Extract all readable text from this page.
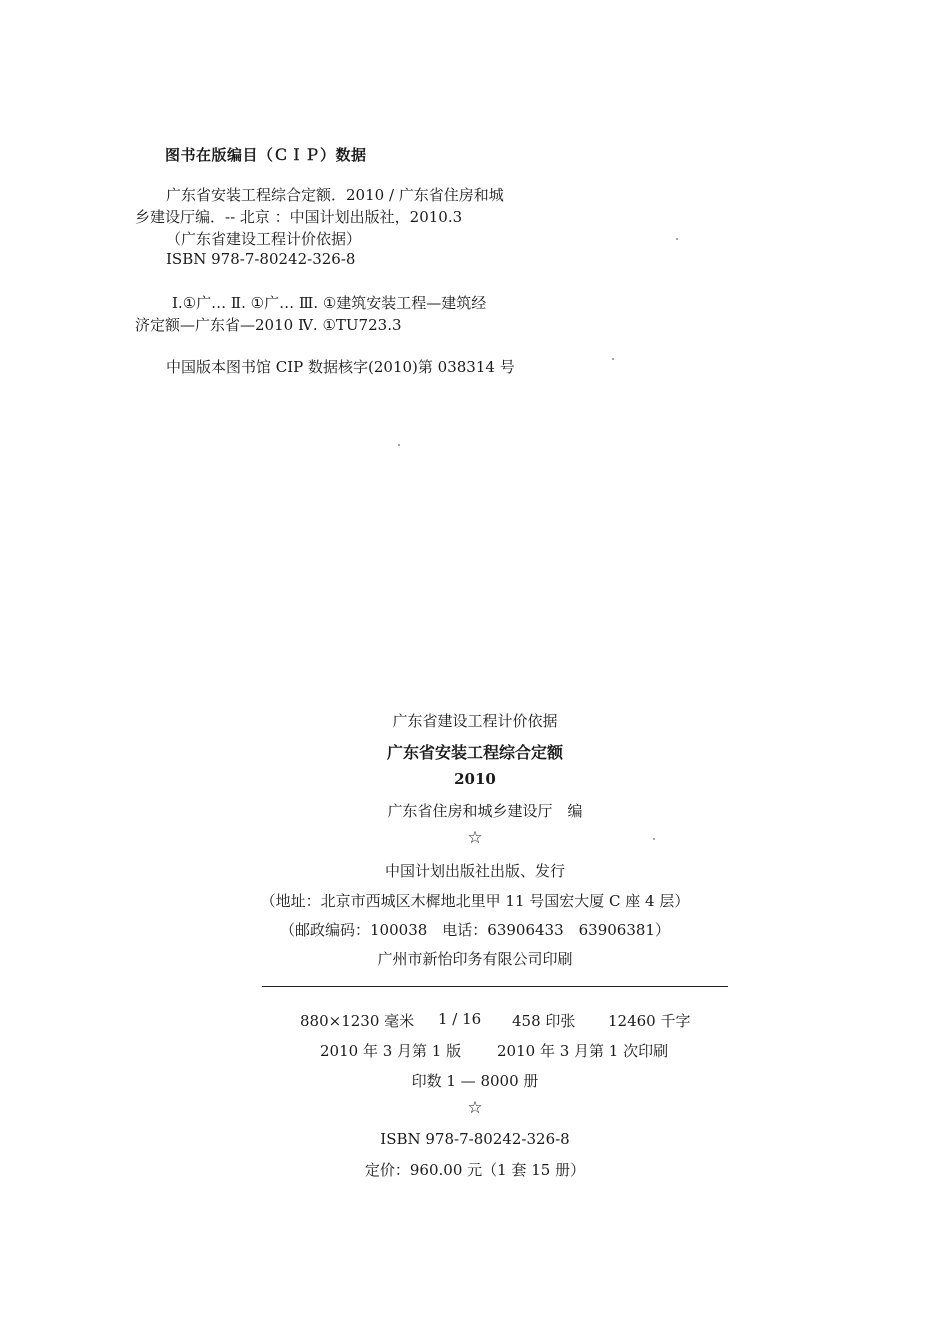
图书在版编目（ＣＩＰ）数据
广东省安装工程综合定额．2010 / 广东省住房和城
乡建设厅编．-- 北京 ：中国计划出版社，2010.3
（广东省建设工程计价依据）
ISBN 978-7-80242-326-8
Ⅰ.①广… Ⅱ. ①广… Ⅲ. ①建筑安装工程—建筑经
济定额—广东省—2010 Ⅳ. ①TU723.3
中国版本图书馆 CIP 数据核字(2010)第 038314 号
广东省建设工程计价依据
广东省安装工程综合定额
2010
广东省住房和城乡建设厅　编
☆
中国计划出版社出版、发行
（地址：北京市西城区木樨地北里甲 11 号国宏大厦 C 座 4 层）
（邮政编码：100038　电话：63906433　63906381）
广州市新怡印务有限公司印刷
880×1230 毫米 1 / 16 458 印张 12460 千字
2010 年 3 月第 1 版 2010 年 3 月第 1 次印刷
印数 1 — 8000 册
☆
ISBN 978-7-80242-326-8
定价：960.00 元（1 套 15 册）
